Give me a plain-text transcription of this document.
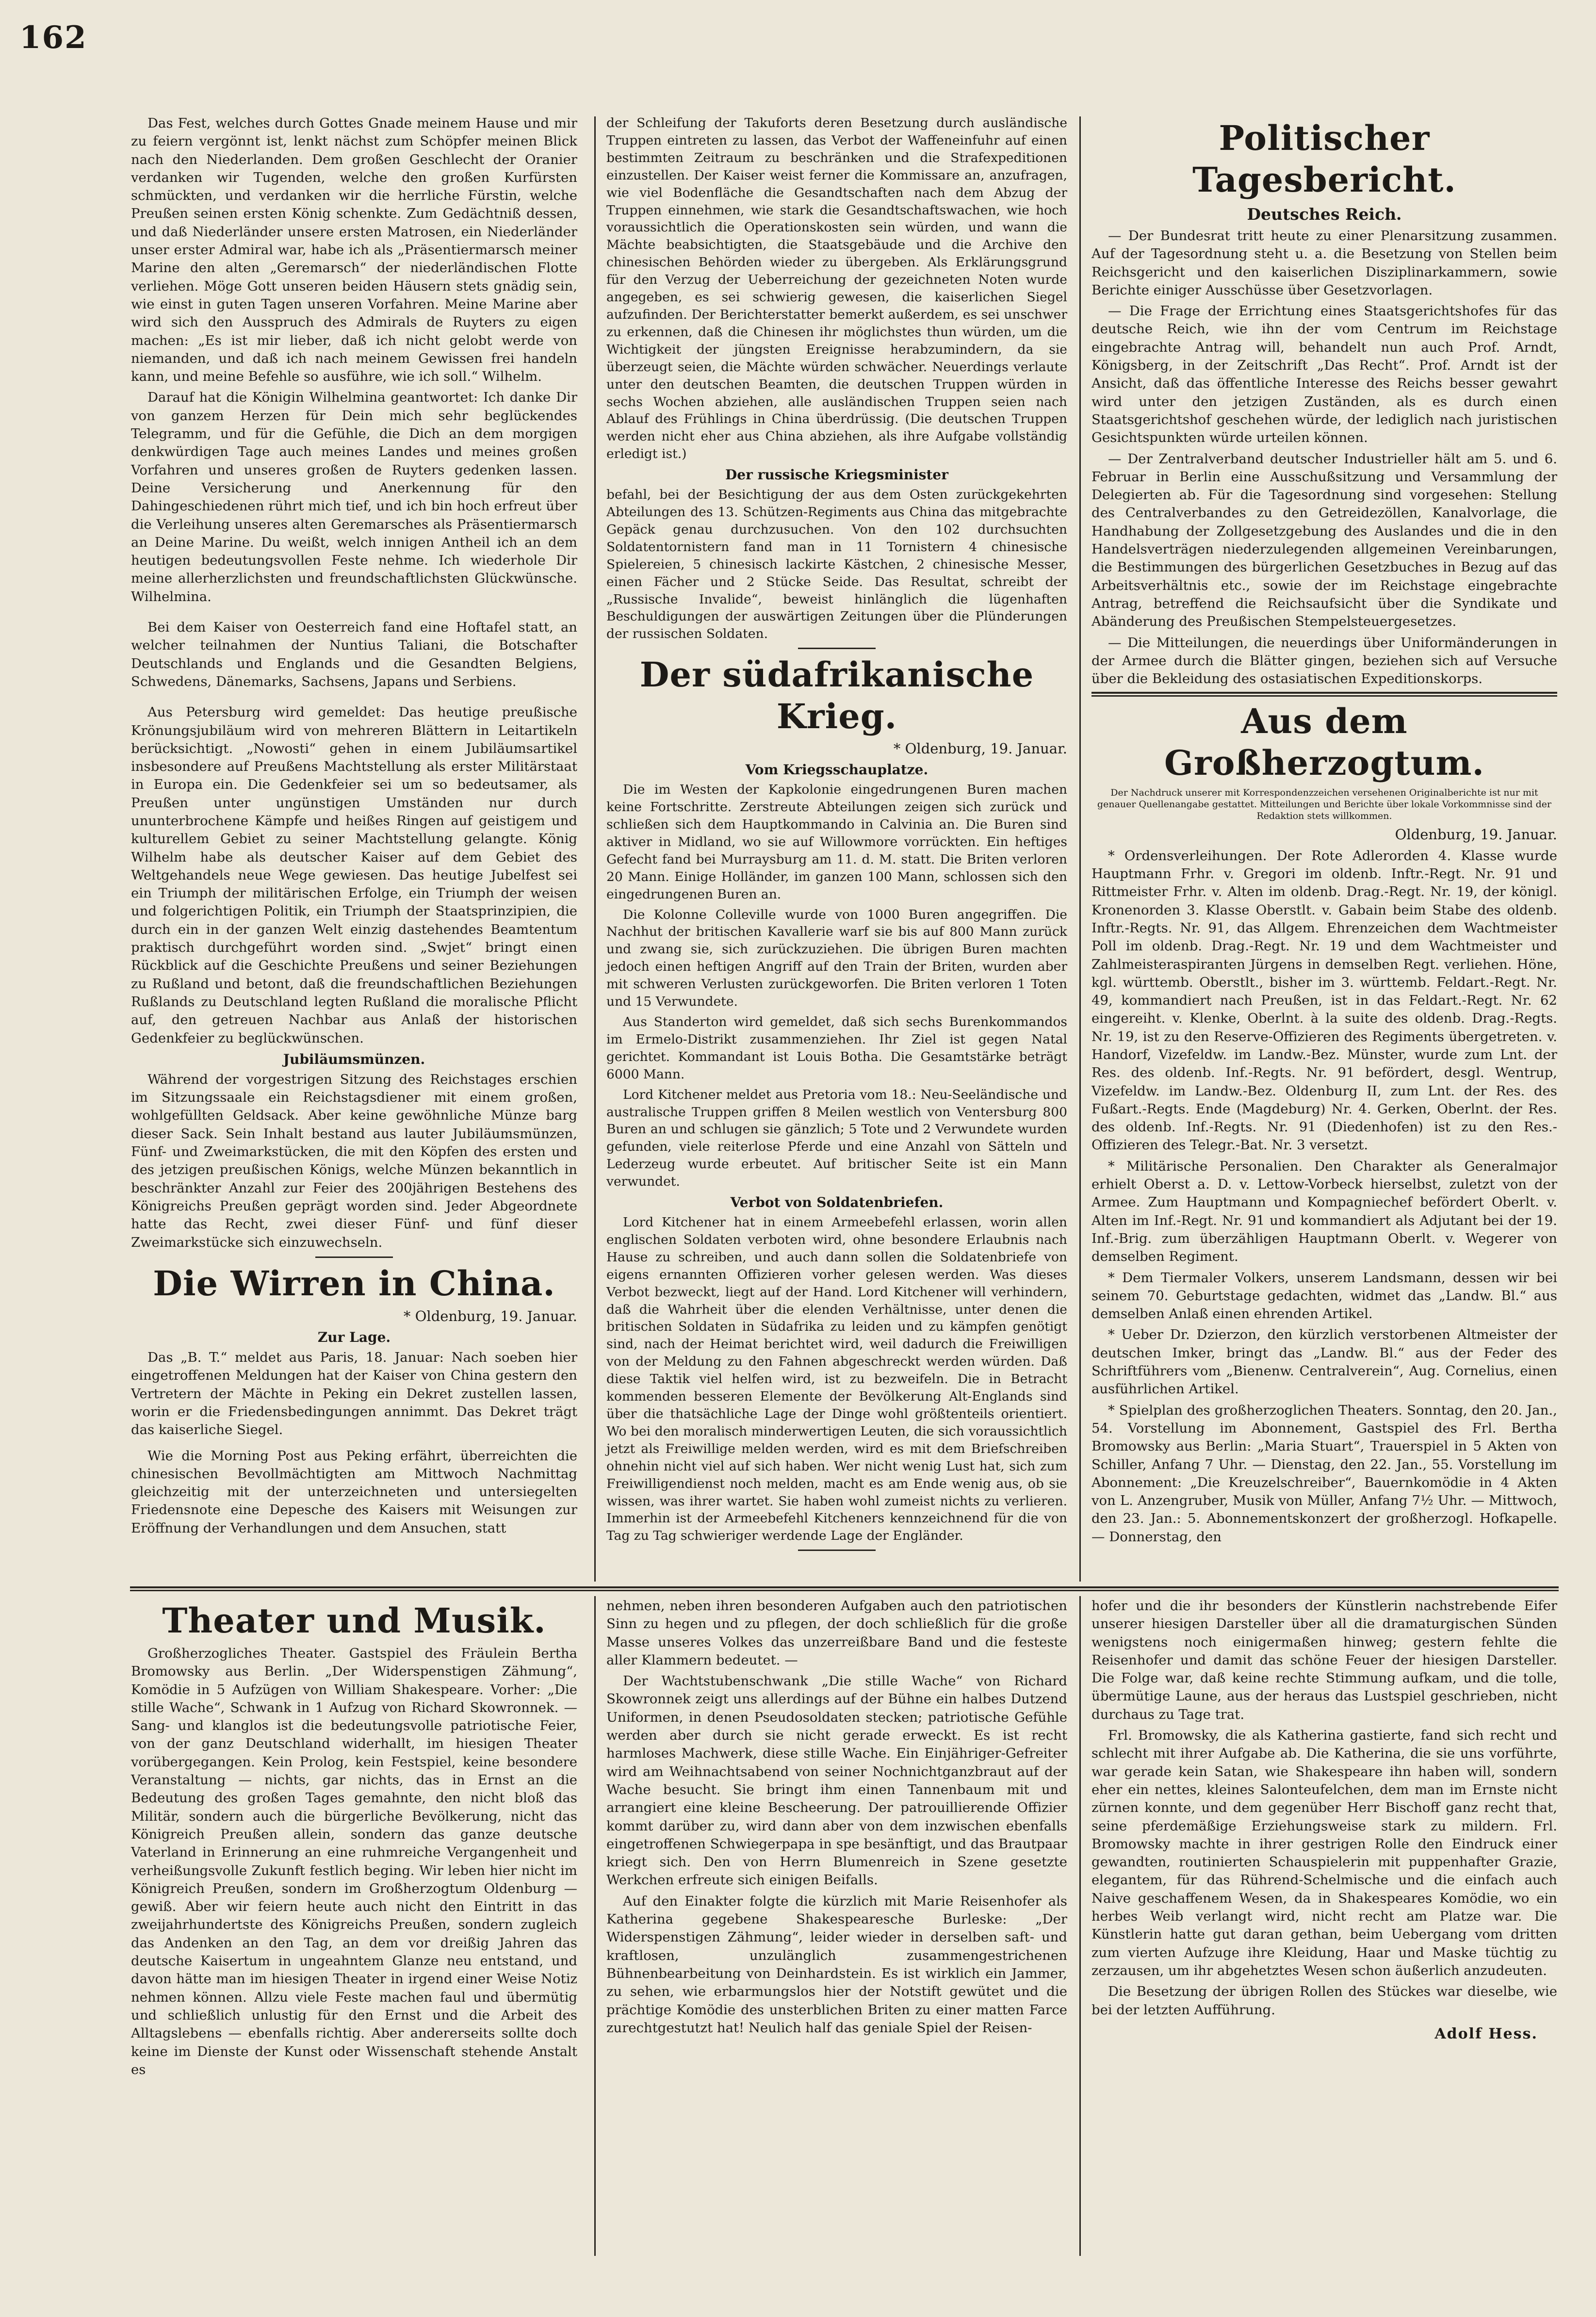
162

Das Fest, welches durch Gottes Gnade meinem Hause und mir zu feiern vergönnt ist, lenkt nächst zum Schöpfer meinen Blick nach den Niederlanden. Dem großen Geschlecht der Oranier verdanken wir Tugenden, welche den großen Kurfürsten schmückten, und verdanken wir die herrliche Fürstin, welche Preußen seinen ersten König schenkte. Zum Gedächtniß dessen, und daß Niederländer unsere ersten Matrosen, ein Niederländer unser erster Admiral war, habe ich als „Präsentiermarsch meiner Marine den alten „Geremarsch“ der niederländischen Flotte verliehen. Möge Gott unseren beiden Häusern stets gnädig sein, wie einst in guten Tagen unseren Vorfahren. Meine Marine aber wird sich den Ausspruch des Admirals de Ruyters zu eigen machen: „Es ist mir lieber, daß ich nicht gelobt werde von niemanden, und daß ich nach meinem Gewissen frei handeln kann, und meine Befehle so ausführe, wie ich soll.“ Wilhelm.

Darauf hat die Königin Wilhelmina geantwortet: Ich danke Dir von ganzem Herzen für Dein mich sehr beglückendes Telegramm, und für die Gefühle, die Dich an dem morgigen denkwürdigen Tage auch meines Landes und meines großen Vorfahren und unseres großen de Ruyters gedenken lassen. Deine Versicherung und Anerkennung für den Dahingeschiedenen rührt mich tief, und ich bin hoch erfreut über die Verleihung unseres alten Geremarsches als Präsentiermarsch an Deine Marine. Du weißt, welch innigen Antheil ich an dem heutigen bedeutungsvollen Feste nehme. Ich wiederhole Dir meine allerherzlichsten und freundschaftlichsten Glückwünsche. Wilhelmina.

Bei dem Kaiser von Oesterreich fand eine Hoftafel statt, an welcher teilnahmen der Nuntius Taliani, die Botschafter Deutschlands und Englands und die Gesandten Belgiens, Schwedens, Dänemarks, Sachsens, Japans und Serbiens.

Aus Petersburg wird gemeldet: Das heutige preußische Krönungsjubiläum wird von mehreren Blättern in Leitartikeln berücksichtigt. „Nowosti“ gehen in einem Jubiläumsartikel insbesondere auf Preußens Machtstellung als erster Militärstaat in Europa ein. Die Gedenkfeier sei um so bedeutsamer, als Preußen unter ungünstigen Umständen nur durch ununterbrochene Kämpfe und heißes Ringen auf geistigem und kulturellem Gebiet zu seiner Machtstellung gelangte. König Wilhelm habe als deutscher Kaiser auf dem Gebiet des Weltgehandels neue Wege gewiesen. Das heutige Jubelfest sei ein Triumph der militärischen Erfolge, ein Triumph der weisen und folgerichtigen Politik, ein Triumph der Staatsprinzipien, die durch ein in der ganzen Welt einzig dastehendes Beamtentum praktisch durchgeführt worden sind. „Swjet“ bringt einen Rückblick auf die Geschichte Preußens und seiner Beziehungen zu Rußland und betont, daß die freundschaftlichen Beziehungen Rußlands zu Deutschland legten Rußland die moralische Pflicht auf, den getreuen Nachbar aus Anlaß der historischen Gedenkfeier zu beglückwünschen.

Jubiläumsmünzen.

Während der vorgestrigen Sitzung des Reichstages erschien im Sitzungssaale ein Reichstagsdiener mit einem großen, wohlgefüllten Geldsack. Aber keine gewöhnliche Münze barg dieser Sack. Sein Inhalt bestand aus lauter Jubiläumsmünzen, Fünf- und Zweimarkstücken, die mit den Köpfen des ersten und des jetzigen preußischen Königs, welche Münzen bekanntlich in beschränkter Anzahl zur Feier des 200jährigen Bestehens des Königreichs Preußen geprägt worden sind. Jeder Abgeordnete hatte das Recht, zwei dieser Fünf- und fünf dieser Zweimarkstücke sich einzuwechseln.

Die Wirren in China.
* Oldenburg, 19. Januar.
Zur Lage.

Das „B. T.“ meldet aus Paris, 18. Januar: Nach soeben hier eingetroffenen Meldungen hat der Kaiser von China gestern den Vertretern der Mächte in Peking ein Dekret zustellen lassen, worin er die Friedensbedingungen annimmt. Das Dekret trägt das kaiserliche Siegel.

Wie die Morning Post aus Peking erfährt, überreichten die chinesischen Bevollmächtigten am Mittwoch Nachmittag gleichzeitig mit der unterzeichneten und untersiegelten Friedensnote eine Depesche des Kaisers mit Weisungen zur Eröffnung der Verhandlungen und dem Ansuchen, statt

der Schleifung der Takuforts deren Besetzung durch ausländische Truppen eintreten zu lassen, das Verbot der Waffeneinfuhr auf einen bestimmten Zeitraum zu beschränken und die Strafexpeditionen einzustellen. Der Kaiser weist ferner die Kommissare an, anzufragen, wie viel Bodenfläche die Gesandtschaften nach dem Abzug der Truppen einnehmen, wie stark die Gesandtschaftswachen, wie hoch voraussichtlich die Operationskosten sein würden, und wann die Mächte beabsichtigten, die Staatsgebäude und die Archive den chinesischen Behörden wieder zu übergeben. Als Erklärungsgrund für den Verzug der Ueberreichung der gezeichneten Noten wurde angegeben, es sei schwierig gewesen, die kaiserlichen Siegel aufzufinden. Der Berichterstatter bemerkt außerdem, es sei unschwer zu erkennen, daß die Chinesen ihr möglichstes thun würden, um die Wichtigkeit der jüngsten Ereignisse herabzumindern, da sie überzeugt seien, die Mächte würden schwächer. Neuerdings verlaute unter den deutschen Beamten, die deutschen Truppen würden in sechs Wochen abziehen, alle ausländischen Truppen seien nach Ablauf des Frühlings in China überdrüssig. (Die deutschen Truppen werden nicht eher aus China abziehen, als ihre Aufgabe vollständig erledigt ist.)

Der russische Kriegsminister

befahl, bei der Besichtigung der aus dem Osten zurückgekehrten Abteilungen des 13. Schützen-Regiments aus China das mitgebrachte Gepäck genau durchzusuchen. Von den 102 durchsuchten Soldatentornistern fand man in 11 Tornistern 4 chinesische Spielereien, 5 chinesisch lackirte Kästchen, 2 chinesische Messer, einen Fächer und 2 Stücke Seide. Das Resultat, schreibt der „Russische Invalide“, beweist hinlänglich die lügenhaften Beschuldigungen der auswärtigen Zeitungen über die Plünderungen der russischen Soldaten.

Der südafrikanische Krieg.
* Oldenburg, 19. Januar.
Vom Kriegsschauplatze.

Die im Westen der Kapkolonie eingedrungenen Buren machen keine Fortschritte. Zerstreute Abteilungen zeigen sich zurück und schließen sich dem Hauptkommando in Calvinia an. Die Buren sind aktiver in Midland, wo sie auf Willowmore vorrückten. Ein heftiges Gefecht fand bei Murraysburg am 11. d. M. statt. Die Briten verloren 20 Mann. Einige Holländer, im ganzen 100 Mann, schlossen sich den eingedrungenen Buren an.

Die Kolonne Colleville wurde von 1000 Buren angegriffen. Die Nachhut der britischen Kavallerie warf sie bis auf 800 Mann zurück und zwang sie, sich zurückzuziehen. Die übrigen Buren machten jedoch einen heftigen Angriff auf den Train der Briten, wurden aber mit schweren Verlusten zurückgeworfen. Die Briten verloren 1 Toten und 15 Verwundete.

Aus Standerton wird gemeldet, daß sich sechs Burenkommandos im Ermelo-Distrikt zusammenziehen. Ihr Ziel ist gegen Natal gerichtet. Kommandant ist Louis Botha. Die Gesamtstärke beträgt 6000 Mann.

Lord Kitchener meldet aus Pretoria vom 18.: Neu-Seeländische und australische Truppen griffen 8 Meilen westlich von Ventersburg 800 Buren an und schlugen sie gänzlich; 5 Tote und 2 Verwundete wurden gefunden, viele reiterlose Pferde und eine Anzahl von Sätteln und Lederzeug wurde erbeutet. Auf britischer Seite ist ein Mann verwundet.

Verbot von Soldatenbriefen.

Lord Kitchener hat in einem Armeebefehl erlassen, worin allen englischen Soldaten verboten wird, ohne besondere Erlaubnis nach Hause zu schreiben, und auch dann sollen die Soldatenbriefe von eigens ernannten Offizieren vorher gelesen werden. Was dieses Verbot bezweckt, liegt auf der Hand. Lord Kitchener will verhindern, daß die Wahrheit über die elenden Verhältnisse, unter denen die britischen Soldaten in Südafrika zu leiden und zu kämpfen genötigt sind, nach der Heimat berichtet wird, weil dadurch die Freiwilligen von der Meldung zu den Fahnen abgeschreckt werden würden. Daß diese Taktik viel helfen wird, ist zu bezweifeln. Die in Betracht kommenden besseren Elemente der Bevölkerung Alt-Englands sind über die thatsächliche Lage der Dinge wohl größtenteils orientiert. Wo bei den moralisch minderwertigen Leuten, die sich voraussichtlich jetzt als Freiwillige melden werden, wird es mit dem Briefschreiben ohnehin nicht viel auf sich haben. Wer nicht wenig Lust hat, sich zum Freiwilligendienst noch melden, macht es am Ende wenig aus, ob sie wissen, was ihrer wartet. Sie haben wohl zumeist nichts zu verlieren. Immerhin ist der Armeebefehl Kitcheners kennzeichnend für die von Tag zu Tag schwieriger werdende Lage der Engländer.

Politischer Tagesbericht.
Deutsches Reich.

— Der Bundesrat tritt heute zu einer Plenarsitzung zusammen. Auf der Tagesordnung steht u. a. die Besetzung von Stellen beim Reichsgericht und den kaiserlichen Disziplinarkammern, sowie Berichte einiger Ausschüsse über Gesetzvorlagen.

— Die Frage der Errichtung eines Staatsgerichtshofes für das deutsche Reich, wie ihn der vom Centrum im Reichstage eingebrachte Antrag will, behandelt nun auch Prof. Arndt, Königsberg, in der Zeitschrift „Das Recht“. Prof. Arndt ist der Ansicht, daß das öffentliche Interesse des Reichs besser gewahrt wird unter den jetzigen Zuständen, als es durch einen Staatsgerichtshof geschehen würde, der lediglich nach juristischen Gesichtspunkten würde urteilen können.

— Der Zentralverband deutscher Industrieller hält am 5. und 6. Februar in Berlin eine Ausschußsitzung und Versammlung der Delegierten ab. Für die Tagesordnung sind vorgesehen: Stellung des Centralverbandes zu den Getreidezöllen, Kanalvorlage, die Handhabung der Zollgesetzgebung des Auslandes und die in den Handelsverträgen niederzulegenden allgemeinen Vereinbarungen, die Bestimmungen des bürgerlichen Gesetzbuches in Bezug auf das Arbeitsverhältnis etc., sowie der im Reichstage eingebrachte Antrag, betreffend die Reichsaufsicht über die Syndikate und Abänderung des Preußischen Stempelsteuergesetzes.

— Die Mitteilungen, die neuerdings über Uniformänderungen in der Armee durch die Blätter gingen, beziehen sich auf Versuche über die Bekleidung des ostasiatischen Expeditionskorps.

Aus dem Großherzogtum.
Der Nachdruck unserer mit Korrespondenzzeichen versehenen Originalberichte ist nur mit genauer Quellenangabe gestattet. Mitteilungen und Berichte über lokale Vorkommnisse sind der Redaktion stets willkommen.
Oldenburg, 19. Januar.

* Ordensverleihungen. Der Rote Adlerorden 4. Klasse wurde Hauptmann Frhr. v. Gregori im oldenb. Inftr.-Regt. Nr. 91 und Rittmeister Frhr. v. Alten im oldenb. Drag.-Regt. Nr. 19, der königl. Kronenorden 3. Klasse Oberstlt. v. Gabain beim Stabe des oldenb. Inftr.-Regts. Nr. 91, das Allgem. Ehrenzeichen dem Wachtmeister Poll im oldenb. Drag.-Regt. Nr. 19 und dem Wachtmeister und Zahlmeisteraspiranten Jürgens in demselben Regt. verliehen. Höne, kgl. württemb. Oberstlt., bisher im 3. württemb. Feldart.-Regt. Nr. 49, kommandiert nach Preußen, ist in das Feldart.-Regt. Nr. 62 eingereiht. v. Klenke, Oberlnt. à la suite des oldenb. Drag.-Regts. Nr. 19, ist zu den Reserve-Offizieren des Regiments übergetreten. v. Handorf, Vizefeldw. im Landw.-Bez. Münster, wurde zum Lnt. der Res. des oldenb. Inf.-Regts. Nr. 91 befördert, desgl. Wentrup, Vizefeldw. im Landw.-Bez. Oldenburg II, zum Lnt. der Res. des Fußart.-Regts. Ende (Magdeburg) Nr. 4. Gerken, Oberlnt. der Res. des oldenb. Inf.-Regts. Nr. 91 (Diedenhofen) ist zu den Res.-Offizieren des Telegr.-Bat. Nr. 3 versetzt.

* Militärische Personalien. Den Charakter als Generalmajor erhielt Oberst a. D. v. Lettow-Vorbeck hierselbst, zuletzt von der Armee. Zum Hauptmann und Kompagniechef befördert Oberlt. v. Alten im Inf.-Regt. Nr. 91 und kommandiert als Adjutant bei der 19. Inf.-Brig. zum überzähligen Hauptmann Oberlt. v. Wegerer von demselben Regiment.

* Dem Tiermaler Volkers, unserem Landsmann, dessen wir bei seinem 70. Geburtstage gedachten, widmet das „Landw. Bl.“ aus demselben Anlaß einen ehrenden Artikel.

* Ueber Dr. Dzierzon, den kürzlich verstorbenen Altmeister der deutschen Imker, bringt das „Landw. Bl.“ aus der Feder des Schriftführers vom „Bienenw. Centralverein“, Aug. Cornelius, einen ausführlichen Artikel.

* Spielplan des großherzoglichen Theaters. Sonntag, den 20. Jan., 54. Vorstellung im Abonnement, Gastspiel des Frl. Bertha Bromowsky aus Berlin: „Maria Stuart“, Trauerspiel in 5 Akten von Schiller, Anfang 7 Uhr. — Dienstag, den 22. Jan., 55. Vorstellung im Abonnement: „Die Kreuzelschreiber“, Bauernkomödie in 4 Akten von L. Anzengruber, Musik von Müller, Anfang 7½ Uhr. — Mittwoch, den 23. Jan.: 5. Abonnementskonzert der großherzogl. Hofkapelle. — Donnerstag, den

Theater und Musik.

Großherzogliches Theater. Gastspiel des Fräulein Bertha Bromowsky aus Berlin. „Der Widerspenstigen Zähmung“, Komödie in 5 Aufzügen von William Shakespeare. Vorher: „Die stille Wache“, Schwank in 1 Aufzug von Richard Skowronnek. — Sang- und klanglos ist die bedeutungsvolle patriotische Feier, von der ganz Deutschland widerhallt, im hiesigen Theater vorübergegangen. Kein Prolog, kein Festspiel, keine besondere Veranstaltung — nichts, gar nichts, das in Ernst an die Bedeutung des großen Tages gemahnte, den nicht bloß das Militär, sondern auch die bürgerliche Bevölkerung, nicht das Königreich Preußen allein, sondern das ganze deutsche Vaterland in Erinnerung an eine ruhmreiche Vergangenheit und verheißungsvolle Zukunft festlich beging. Wir leben hier nicht im Königreich Preußen, sondern im Großherzogtum Oldenburg — gewiß. Aber wir feiern heute auch nicht den Eintritt in das zweijahrhundertste des Königreichs Preußen, sondern zugleich das Andenken an den Tag, an dem vor dreißig Jahren das deutsche Kaisertum in ungeahntem Glanze neu entstand, und davon hätte man im hiesigen Theater in irgend einer Weise Notiz nehmen können. Allzu viele Feste machen faul und übermütig und schließlich unlustig für den Ernst und die Arbeit des Alltagslebens — ebenfalls richtig. Aber andererseits sollte doch keine im Dienste der Kunst oder Wissenschaft stehende Anstalt es

nehmen, neben ihren besonderen Aufgaben auch den patriotischen Sinn zu hegen und zu pflegen, der doch schließlich für die große Masse unseres Volkes das unzerreißbare Band und die festeste aller Klammern bedeutet. —

Der Wachtstubenschwank „Die stille Wache“ von Richard Skowronnek zeigt uns allerdings auf der Bühne ein halbes Dutzend Uniformen, in denen Pseudosoldaten stecken; patriotische Gefühle werden aber durch sie nicht gerade erweckt. Es ist recht harmloses Machwerk, diese stille Wache. Ein Einjähriger-Gefreiter wird am Weihnachtsabend von seiner Nochnichtganzbraut auf der Wache besucht. Sie bringt ihm einen Tannenbaum mit und arrangiert eine kleine Bescheerung. Der patrouillierende Offizier kommt darüber zu, wird dann aber von dem inzwischen ebenfalls eingetroffenen Schwiegerpapa in spe besänftigt, und das Brautpaar kriegt sich. Den von Herrn Blumenreich in Szene gesetzte Werkchen erfreute sich einigen Beifalls.

Auf den Einakter folgte die kürzlich mit Marie Reisenhofer als Katherina gegebene Shakespearesche Burleske: „Der Widerspenstigen Zähmung“, leider wieder in derselben saft- und kraftlosen, unzulänglich zusammengestrichenen Bühnenbearbeitung von Deinhardstein. Es ist wirklich ein Jammer, zu sehen, wie erbarmungslos hier der Notstift gewütet und die prächtige Komödie des unsterblichen Briten zu einer matten Farce zurechtgestutzt hat! Neulich half das geniale Spiel der Reisen-

hofer und die ihr besonders der Künstlerin nachstrebende Eifer unserer hiesigen Darsteller über all die dramaturgischen Sünden wenigstens noch einigermaßen hinweg; gestern fehlte die Reisenhofer und damit das schöne Feuer der hiesigen Darsteller. Die Folge war, daß keine rechte Stimmung aufkam, und die tolle, übermütige Laune, aus der heraus das Lustspiel geschrieben, nicht durchaus zu Tage trat.

Frl. Bromowsky, die als Katherina gastierte, fand sich recht und schlecht mit ihrer Aufgabe ab. Die Katherina, die sie uns vorführte, war gerade kein Satan, wie Shakespeare ihn haben will, sondern eher ein nettes, kleines Salonteufelchen, dem man im Ernste nicht zürnen konnte, und dem gegenüber Herr Bischoff ganz recht that, seine pferdemäßige Erziehungsweise stark zu mildern. Frl. Bromowsky machte in ihrer gestrigen Rolle den Eindruck einer gewandten, routinierten Schauspielerin mit puppenhafter Grazie, elegantem, für das Rührend-Schelmische und die einfach auch Naive geschaffenem Wesen, da in Shakespeares Komödie, wo ein herbes Weib verlangt wird, nicht recht am Platze war. Die Künstlerin hatte gut daran gethan, beim Uebergang vom dritten zum vierten Aufzuge ihre Kleidung, Haar und Maske tüchtig zu zerzausen, um ihr abgehetztes Wesen schon äußerlich anzudeuten.

Die Besetzung der übrigen Rollen des Stückes war dieselbe, wie bei der letzten Aufführung.

Adolf Hess.
